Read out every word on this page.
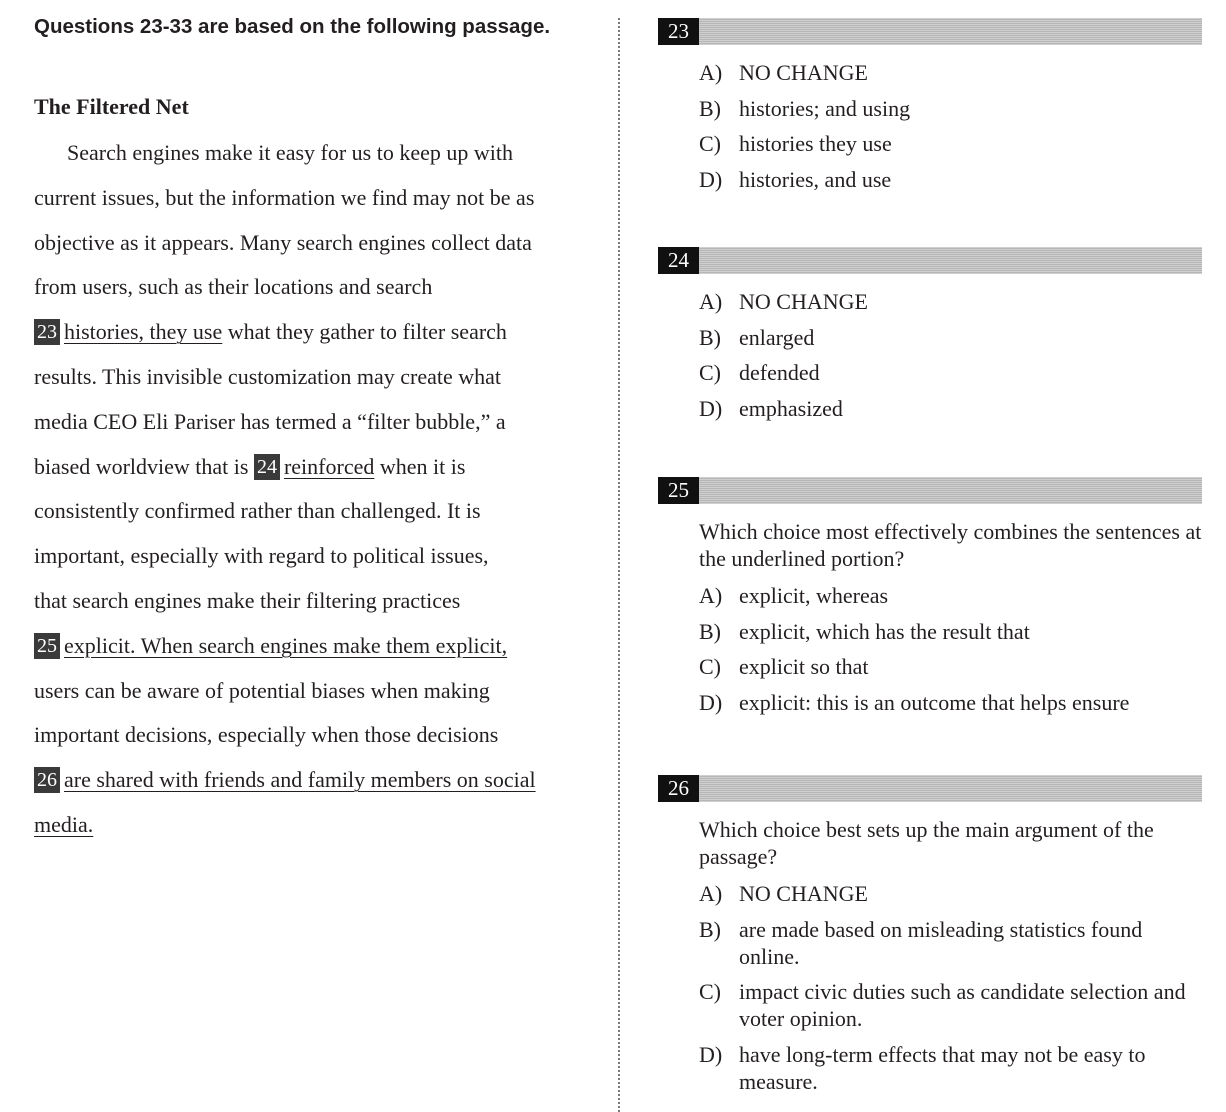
Questions 23-33 are based on the following passage.
The Filtered Net
Search engines make it easy for us to keep up with
current issues, but the information we find may not be as
objective as it appears. Many search engines collect data
from users, such as their locations and search
23 histories, they use what they gather to filter search
results. This invisible customization may create what
media CEO Eli Pariser has termed a “filter bubble,” a
biased worldview that is 24 reinforced when it is
consistently confirmed rather than challenged. It is
important, especially with regard to political issues,
that search engines make their filtering practices
25 explicit. When search engines make them explicit,
users can be aware of potential biases when making
important decisions, especially when those decisions
26 are shared with friends and family members on social
media.
23
A) NO CHANGE
B) histories; and using
C) histories they use
D) histories, and use
24
A) NO CHANGE
B) enlarged
C) defended
D) emphasized
25
Which choice most effectively combines the sentences at the underlined portion?
A) explicit, whereas
B) explicit, which has the result that
C) explicit so that
D) explicit: this is an outcome that helps ensure
26
Which choice best sets up the main argument of the passage?
A) NO CHANGE
B) are made based on misleading statistics found online.
C) impact civic duties such as candidate selection and voter opinion.
D) have long-term effects that may not be easy to measure.
